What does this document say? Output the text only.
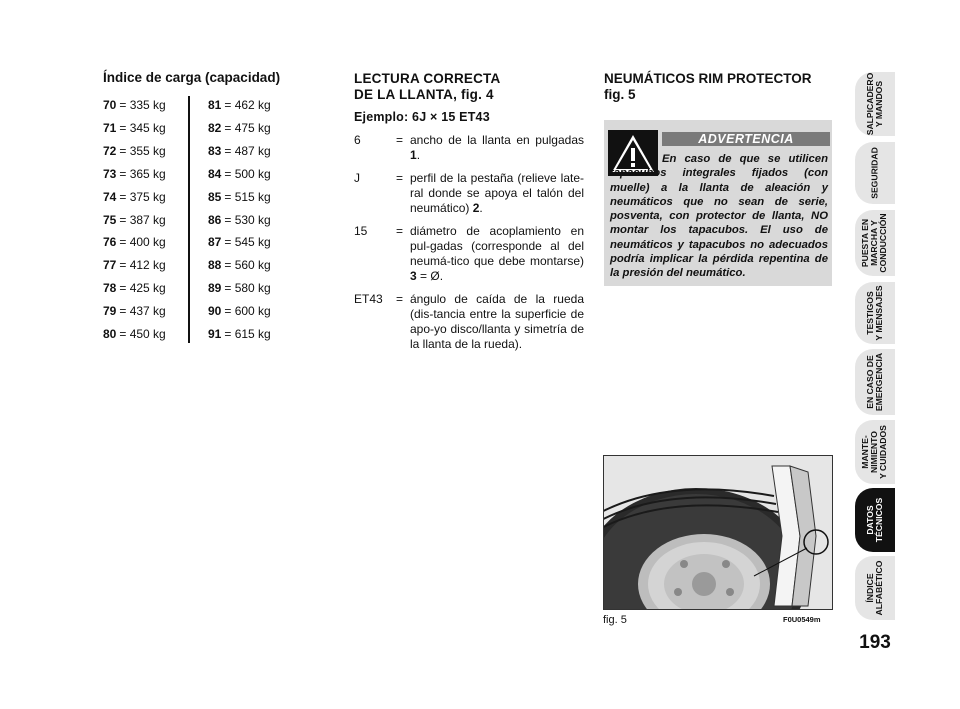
Índice de carga (capacidad)
70 = 335 kg
71 = 345 kg
72 = 355 kg
73 = 365 kg
74 = 375 kg
75 = 387 kg
76 = 400 kg
77 = 412 kg
78 = 425 kg
79 = 437 kg
80 = 450 kg
81 = 462 kg
82 = 475 kg
83 = 487 kg
84 = 500 kg
85 = 515 kg
86 = 530 kg
87 = 545 kg
88 = 560 kg
89 = 580 kg
90 = 600 kg
91 = 615 kg
LECTURA CORRECTA
DE LA LLANTA, fig. 4
Ejemplo: 6J × 15 ET43
6	= ancho de la llanta en pulgadas 1.
J	= perfil de la pestaña (relieve late-ral donde se apoya el talón del neumático) 2.
15 = diámetro de acoplamiento en pul-gadas (corresponde al del neumá-tico que debe montarse) 3 = Ø.
ET43 = ángulo de caída de la rueda (dis-tancia entre la superficie de apo-yo disco/llanta y simetría de la llanta de la rueda).
NEUMÁTICOS RIM PROTECTOR
fig. 5
ADVERTENCIA
En caso de que se utilicen tapacubos integrales fijados (con muelle) a la llanta de aleación y neumáticos que no sean de serie, posventa, con protector de llanta, NO montar los tapacubos. El uso de neumáticos y tapacubos no adecuados podría implicar la pérdida repentina de la presión del neumático.
fig. 5	F0U0549m
SALPICADERO Y MANDOS
SEGURIDAD
PUESTA EN MARCHA Y CONDUCCIÓN
TESTIGOS Y MENSAJES
EN CASO DE EMERGENCIA
MANTE- NIMIENTO Y CUIDADOS
DATOS TÉCNICOS
ÍNDICE ALFABÉTICO
193
